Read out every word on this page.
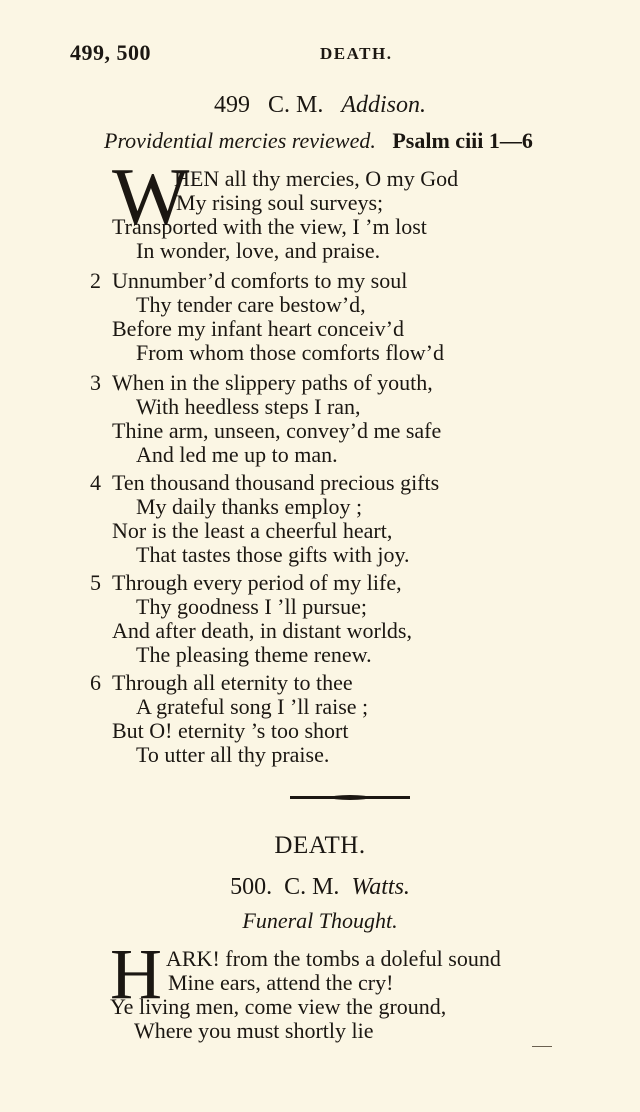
499, 500	DEATH.
499 C. M. Addison.
Providential mercies reviewed. Psalm ciii 1—6
W
HEN all thy mercies, O my God
My rising soul surveys;
Transported with the view, I ’m lost
In wonder, love, and praise.
2 Unnumber’d comforts to my soul
Thy tender care bestow’d,
Before my infant heart conceiv’d
From whom those comforts flow’d
3 When in the slippery paths of youth,
With heedless steps I ran,
Thine arm, unseen, convey’d me safe
And led me up to man.
4 Ten thousand thousand precious gifts
My daily thanks employ ;
Nor is the least a cheerful heart,
That tastes those gifts with joy.
5 Through every period of my life,
Thy goodness I ’ll pursue;
And after death, in distant worlds,
The pleasing theme renew.
6 Through all eternity to thee
A grateful song I ’ll raise ;
But O! eternity ’s too short
To utter all thy praise.
DEATH.
500. C. M. Watts.
Funeral Thought.
H ARK! from the tombs a doleful sound
Mine ears, attend the cry!
Ye living men, come view the ground,
Where you must shortly lie
